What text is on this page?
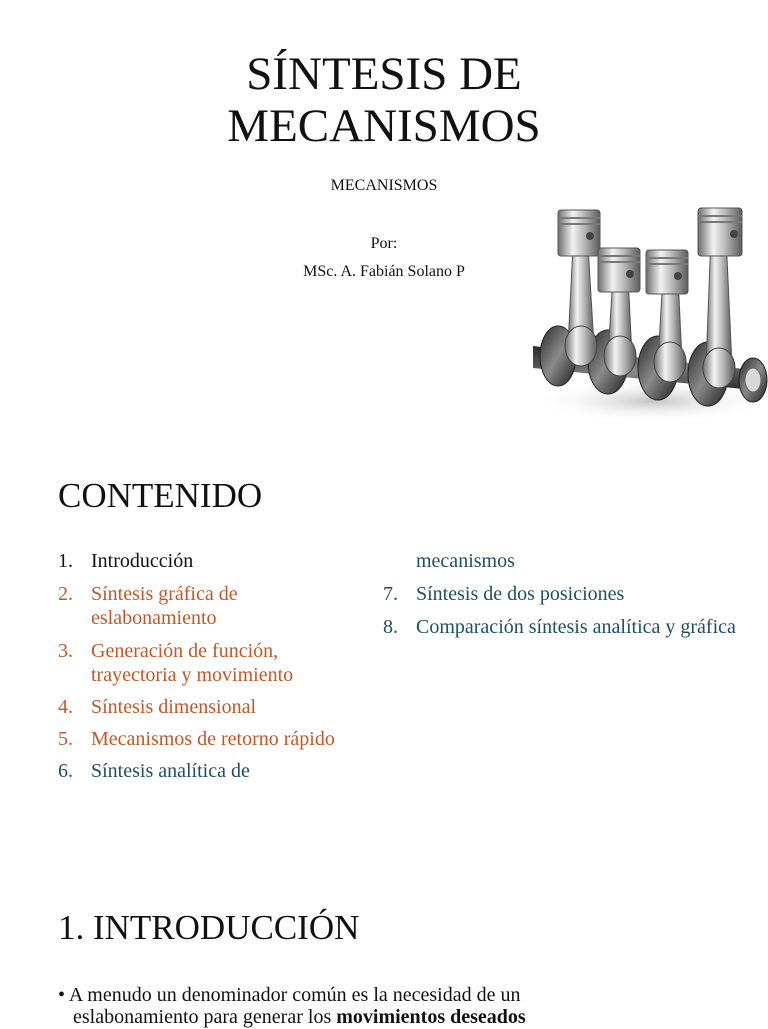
SÍNTESIS DE
MECANISMOS
MECANISMOS
Por:
MSc. A. Fabián Solano P
CONTENIDO
1. Introducción
2. Síntesis gráfica de eslabonamiento
3. Generación de función, trayectoria y movimiento
4. Síntesis dimensional
5. Mecanismos de retorno rápido
6. Síntesis analítica de
mecanismos
7. Síntesis de dos posiciones
8. Comparación síntesis analítica y gráfica
1. INTRODUCCIÓN
• A menudo un denominador común es la necesidad de un
eslabonamiento para generar los movimientos deseados
